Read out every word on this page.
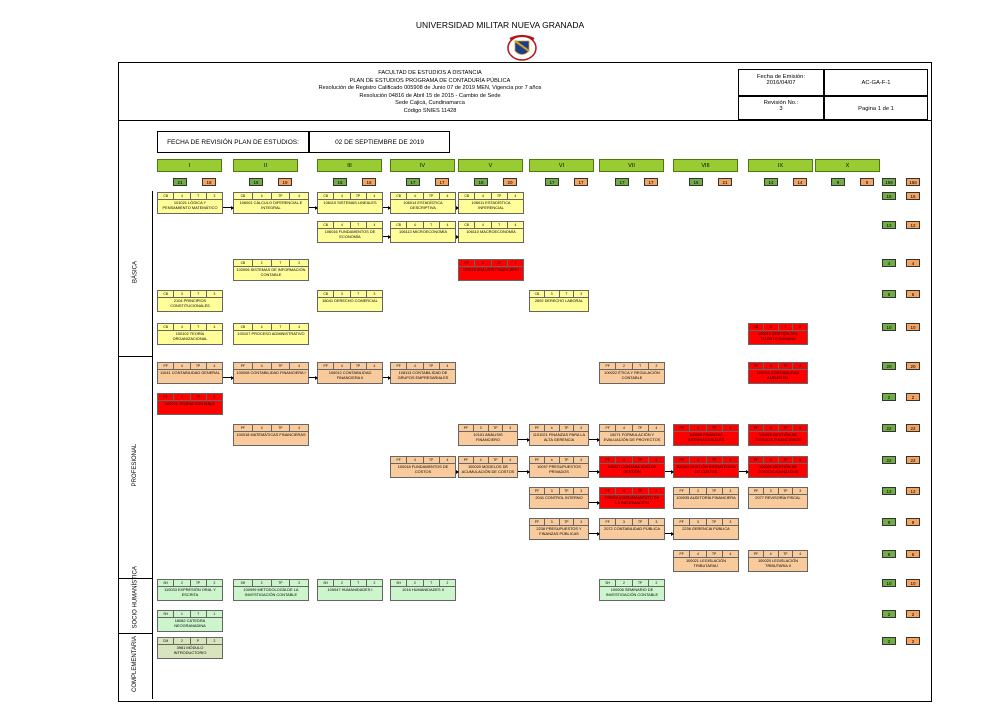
UNIVERSIDAD MILITAR NUEVA GRANADA
FACULTAD DE ESTUDIOS A DISTANCIA
PLAN DE ESTUDIOS PROGRAMA DE CONTADURÍA PÚBLICA
Resolución de Registro Calificado 005908 de Junio 07 de 2019 MEN, Vigencia por 7 años
Resolución 04816 de Abril 15 de 2015 - Cambio de Sede
Sede Cajicá, Cundinamarca
Código SNIES 11428
Fecha de Emisión:
2016/04/07	AC-GA-F-1
Revisión No.:
3	Pagina 1 de 1
FECHA DE REVISIÓN PLAN DE ESTUDIOS:	02 DE SEPTIEMBRE DE 2019
I
21	18
II
18	19
III
16	16
IV
17	17
V
18	20
VI
17	17
VII
17	17
VIII
15	21
IX
14	14
X
9	9	156	156
15	15
12	12
4	4
6	6
10	10
20	20
2	2
22	22
22	22
12	12
9	9
6	6
10	10
2	2
2	2
BÁSICA
PROFESIONAL
SOCIO HUMANÍSTICA
COMPLEMENTARIA
CB	4	T	3
101021 LÓGICA Y PENSAMIENTO MATEMÁTICO
CB	4	TP	4
106001 CÁLCULO DIFERENCIAL E INTEGRAL
CB	4	TP	4
106110 SISTEMAS LINEALES
CB	4	TP	4
106014 ESTADÍSTICA DESCRIPTIVA
CB	4	TP	4
106011 ESTADÍSTICA INFERENCIAL
CB	4	T	4
106016 FUNDAMENTOS DE ECONOMÍA
CB	4	T	4
106113 MICROECONOMÍA
CB	4	T	4
106110 MACROECONOMÍA
CB	2	T	2
102006 SISTEMAS DE INFORMACIÓN CONTABLE
PF	2	TP	2
102015 ANÁLISIS FINANCIERO
CB	3	T	3
2104 PRINCIPIOS CONSTITUCIONALES
CB	3	T	3
18041 DERECHO COMERCIAL
CB	3	T	3
2692 DERECHO LABORAL
CB	4	T	4
100102 TEORÍA ORGANIZACIONAL
CB	4	T	4
100107 PROCESO ADMINISTRATIVO
CB	3	T	3
100015 GESTIÓN DEL TALENTO HUMANO
PF	4	TP	4
11041 CONTABILIDAD GENERAL
PF	4	TP	4
100008 CONTABILIDAD FINANCIERA I
PF	4	TP	4
100012 CONTABILIDAD FINANCIERA II
PF	4	TP	4
108113 CONTABILIDAD DE GRUPOS EMPRESARIALES
PF	2	T	2
100022 ÉTICA Y REGULACIÓN CONTABLE
PF	4	TP	4
100016 CONTABILIDAD AMBIENTAL
PF	2	TP	2
100021 TEORÍA CONTABLE
PF	4	TP	4
100018 MATEMÁTICAS FINANCIERAS
PF	3	TP	3
10101 ANÁLISIS FINANCIERO
PF	4	TP	4
1101021 FINANZAS PARA LA ALTA GERENCIA
PF	4	TP	4
10071 FORMULACIÓN Y EVALUACIÓN DE PROYECTOS
PF	4	TP	4
100026 FINANZAS INTERNACIONALES
PF	4	TP	4
100020 GESTIÓN DE RIESGOS FINANCIEROS
PF	4	TP	4
100018 FUNDAMENTOS DE COSTOS
PF	4	TP	4
100020 MODELOS DE ACUMULACIÓN DE COSTOS
PF	4	TP	4
10097 PRESUPUESTOS PRIVADOS
PF	4	TP	4
100027 CONTABILIDAD DE GESTIÓN
PF	4	TP	4
100019 GESTIÓN ESTRATÉGICA DE COSTOS
PF	4	TP	4
100029 GESTIÓN DE COSTOS AVANZADOS
PF	3	TP	3
2041 CONTROL INTERNO
PF	4	TP	4
100028 ASEGURAMIENTO DE LA INFORMACIÓN
PF	3	TP	3
100035 AUDITORÍA FINANCIERA
PF	3	TP	3
2077 REVISORÍA FISCAL
PF	3	TP	3
2238 PRESUPUESTOS Y FINANZAS PÚBLICAS
PF	3	TP	3
2072 CONTABILIDAD PÚBLICA
PF	3	TP	3
2236 GERENCIA PÚBLICA
PF	4	TP	4
100021 LEGISLACIÓN TRIBUTARIA I
PF	4	TP	4
100020 LEGISLACIÓN TRIBUTARIA II
SH	2	TP	2
110033 EXPRESIÓN ORAL Y ESCRITA
SH	2	TP	2
100099 METODOLOGÍA DE LA INVESTIGACIÓN CONTABLE
SH	2	T	2
100047 HUMANIDADES I
SH	2	T	2
1016 HUMANIDADES II
SH	2	TP	2
100006 SEMINARIO DE INVESTIGACIÓN CONTABLE
SH	1	T	1
18082 CÁTEDRA NEOGRANADINA
CM	2	P	2
3981 MÓDULO INTRODUCTORIO
